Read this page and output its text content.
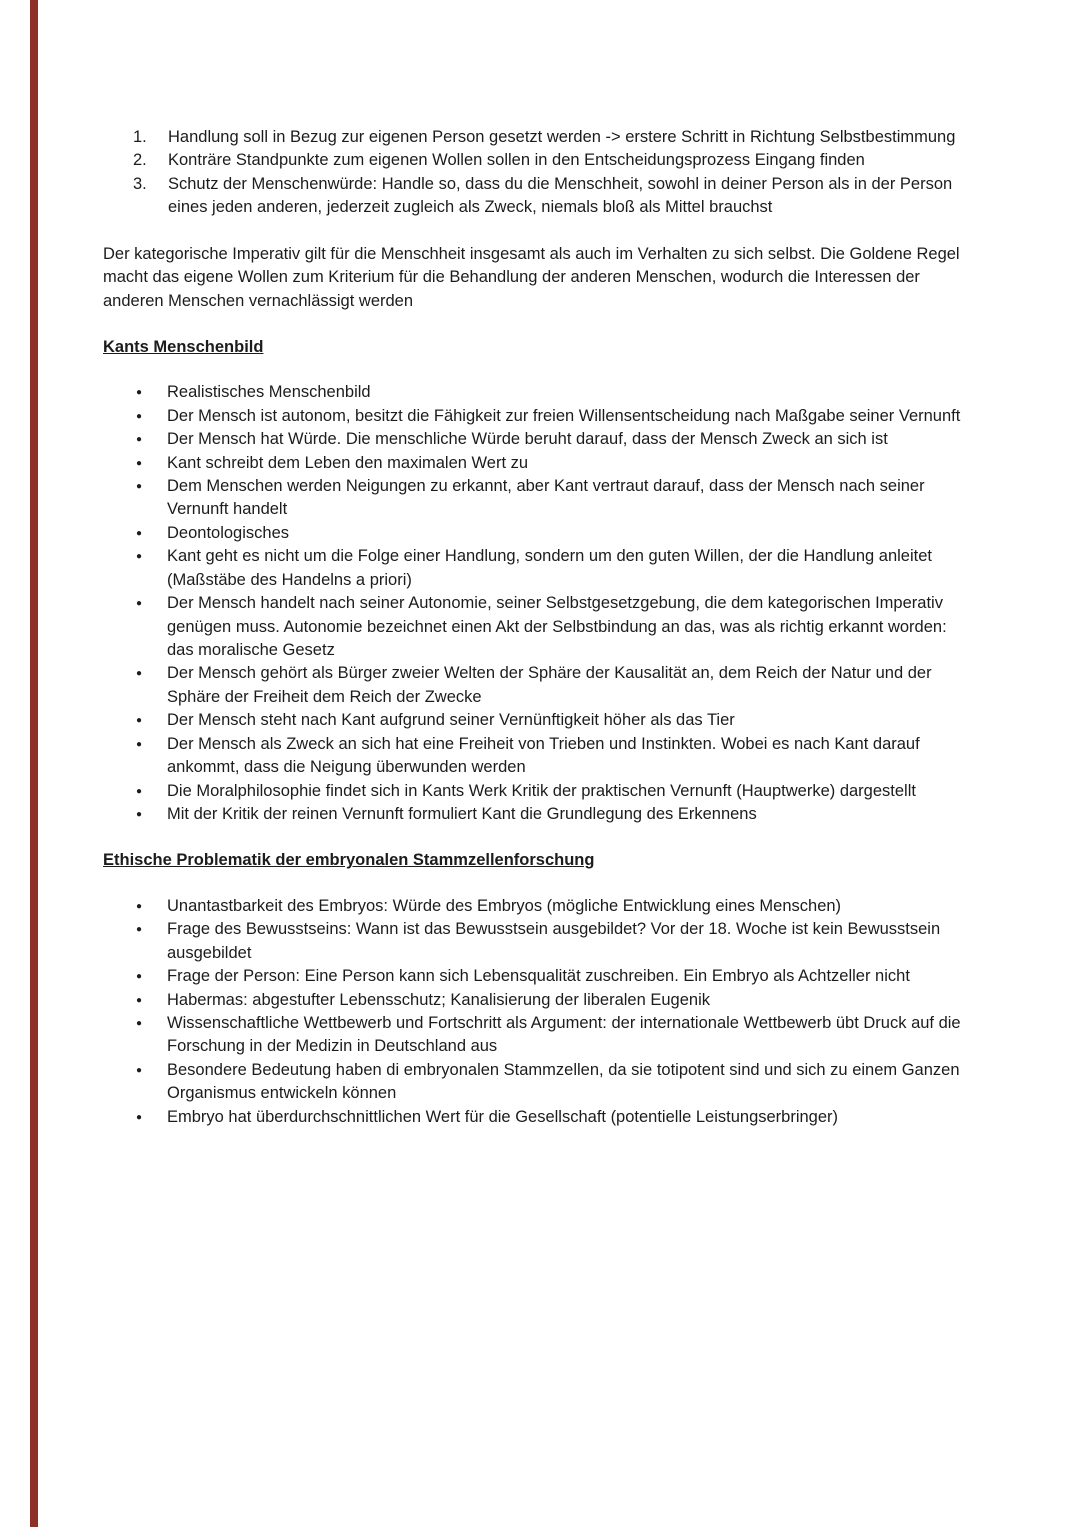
1.	Handlung soll in Bezug zur eigenen Person gesetzt werden -> erstere Schritt in Richtung Selbstbestimmung
2.	Konträre Standpunkte zum eigenen Wollen sollen in den Entscheidungsprozess Eingang finden
3.	Schutz der Menschenwürde: Handle so, dass du die Menschheit, sowohl in deiner Person als in der Person eines jeden anderen, jederzeit zugleich als Zweck, niemals bloß als Mittel brauchst

Der kategorische Imperativ gilt für die Menschheit insgesamt als auch im Verhalten zu sich selbst. Die Goldene Regel macht das eigene Wollen zum Kriterium für die Behandlung der anderen Menschen, wodurch die Interessen der anderen Menschen vernachlässigt werden

Kants Menschenbild
●
Realistisches Menschenbild
●
Der Mensch ist autonom, besitzt die Fähigkeit zur freien Willensentscheidung nach Maßgabe seiner Vernunft
●
Der Mensch hat Würde. Die menschliche Würde beruht darauf, dass der Mensch Zweck an sich ist
●
Kant schreibt dem Leben den maximalen Wert zu
●
Dem Menschen werden Neigungen zu erkannt, aber Kant vertraut darauf, dass der Mensch nach seiner Vernunft handelt
●
Deontologisches
●
Kant geht es nicht um die Folge einer Handlung, sondern um den guten Willen, der die Handlung anleitet (Maßstäbe des Handelns a priori)
●
Der Mensch handelt nach seiner Autonomie, seiner Selbstgesetzgebung, die dem kategorischen Imperativ genügen muss. Autonomie bezeichnet einen Akt der Selbstbindung an das, was als richtig erkannt worden: das moralische Gesetz
●
Der Mensch gehört als Bürger zweier Welten der Sphäre der Kausalität an, dem Reich der Natur und der Sphäre der Freiheit dem Reich der Zwecke
●
Der Mensch steht nach Kant aufgrund seiner Vernünftigkeit höher als das Tier
●
Der Mensch als Zweck an sich hat eine Freiheit von Trieben und Instinkten. Wobei es nach Kant darauf ankommt, dass die Neigung überwunden werden
●
Die Moralphilosophie findet sich in Kants Werk Kritik der praktischen Vernunft (Hauptwerke) dargestellt
●
Mit der Kritik der reinen Vernunft formuliert Kant die Grundlegung des Erkennens
Ethische Problematik der embryonalen Stammzellenforschung
●
Unantastbarkeit des Embryos: Würde des Embryos (mögliche Entwicklung eines Menschen)
●
Frage des Bewusstseins: Wann ist das Bewusstsein ausgebildet? Vor der 18. Woche ist kein Bewusstsein ausgebildet
●
Frage der Person: Eine Person kann sich Lebensqualität zuschreiben. Ein Embryo als Achtzeller nicht
●
Habermas: abgestufter Lebensschutz; Kanalisierung der liberalen Eugenik
●
Wissenschaftliche Wettbewerb und Fortschritt als Argument: der internationale Wettbewerb übt Druck auf die Forschung in der Medizin in Deutschland aus
●
Besondere Bedeutung haben di embryonalen Stammzellen, da sie totipotent sind und sich zu einem Ganzen Organismus entwickeln können
●
Embryo hat überdurchschnittlichen Wert für die Gesellschaft (potentielle Leistungserbringer)
